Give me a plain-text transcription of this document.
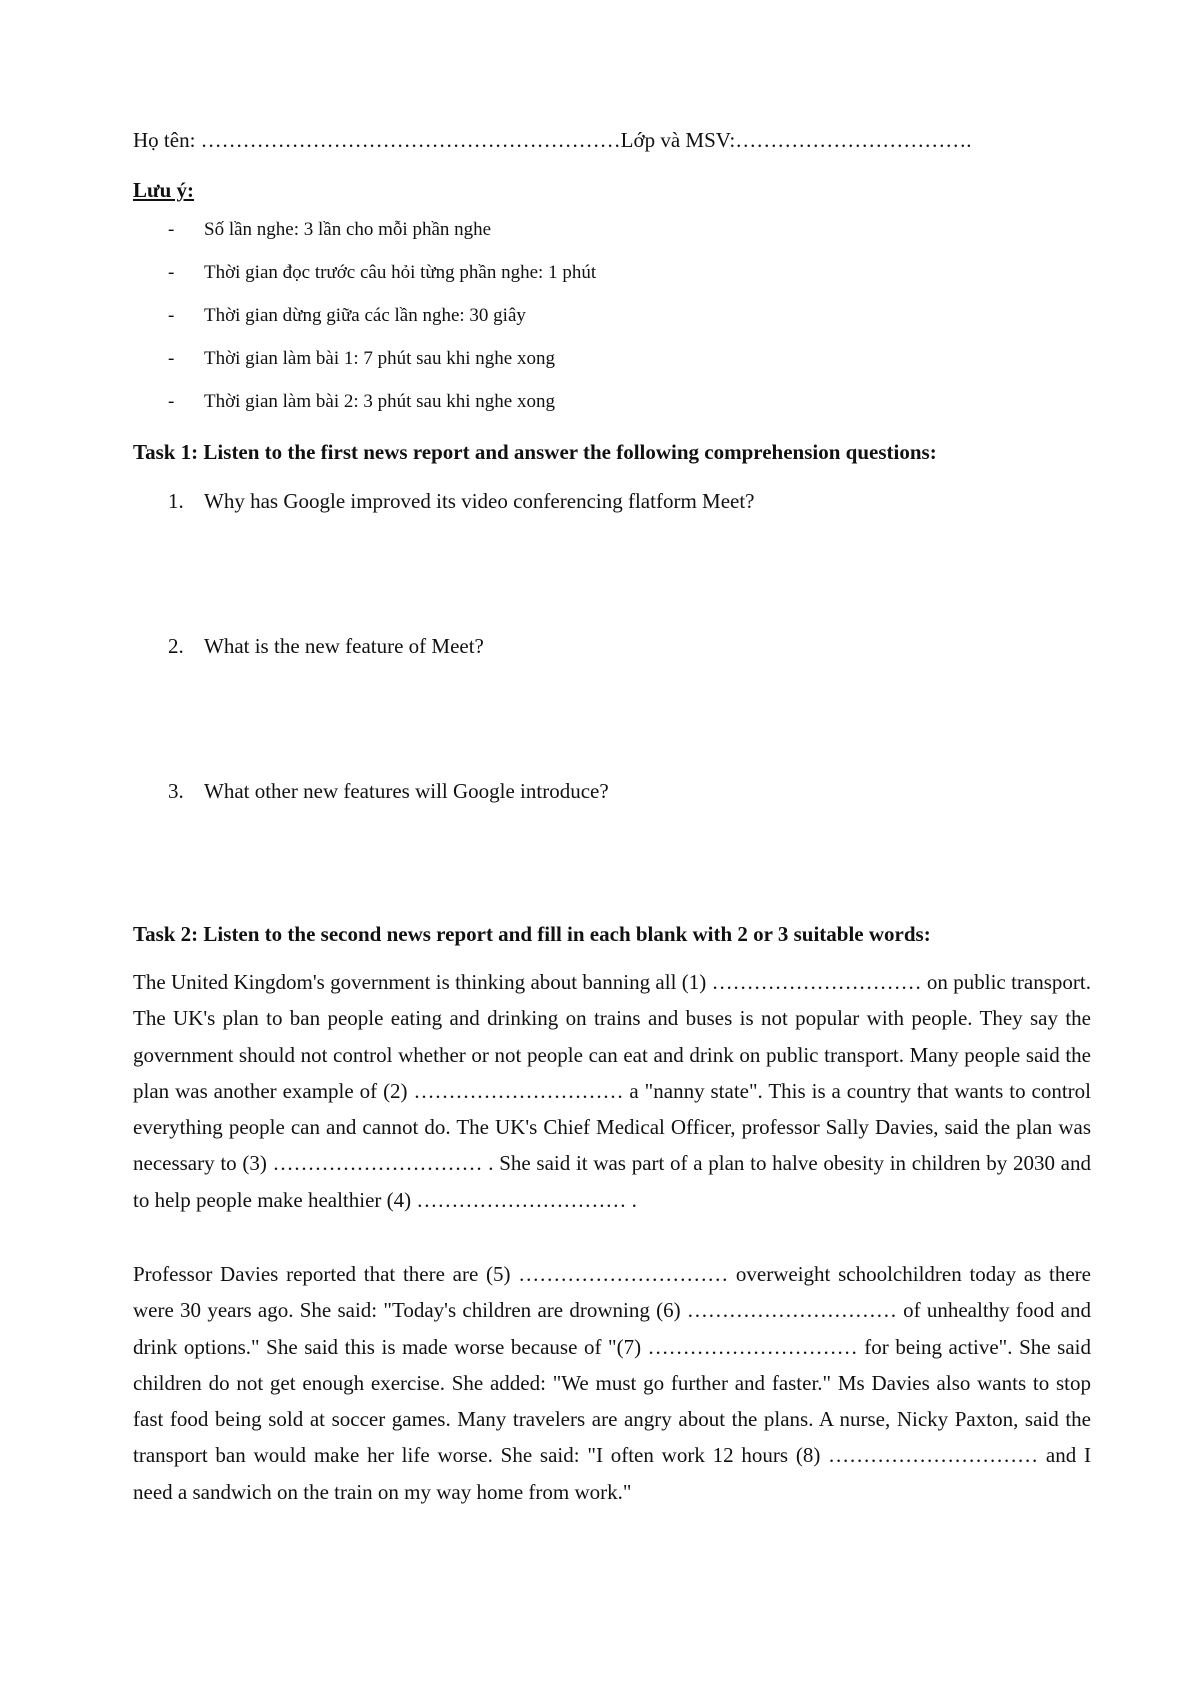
Họ tên: ……………………………………………………Lớp và MSV:…………………………….
Lưu ý:
- Số lần nghe: 3 lần cho mỗi phần nghe
- Thời gian đọc trước câu hỏi từng phần nghe: 1 phút
- Thời gian dừng giữa các lần nghe: 30 giây
- Thời gian làm bài 1: 7 phút sau khi nghe xong
- Thời gian làm bài 2: 3 phút sau khi nghe xong
Task 1: Listen to the first news report and answer the following comprehension questions:
1. Why has Google improved its video conferencing flatform Meet?
2. What is the new feature of Meet?
3. What other new features will Google introduce?
Task 2: Listen to the second news report and fill in each blank with 2 or 3 suitable words:

The United Kingdom's government is thinking about banning all (1) ………………………… on public transport. The UK's plan to ban people eating and drinking on trains and buses is not popular with people. They say the government should not control whether or not people can eat and drink on public transport. Many people said the plan was another example of (2) ………………………… a "nanny state". This is a country that wants to control everything people can and cannot do. The UK's Chief Medical Officer, professor Sally Davies, said the plan was necessary to (3) ………………………… . She said it was part of a plan to halve obesity in children by 2030 and to help people make healthier (4) ………………………… .

Professor Davies reported that there are (5) ………………………… overweight schoolchildren today as there were 30 years ago. She said: "Today's children are drowning (6) ………………………… of unhealthy food and drink options." She said this is made worse because of "(7) ………………………… for being active". She said children do not get enough exercise. She added: "We must go further and faster." Ms Davies also wants to stop fast food being sold at soccer games. Many travelers are angry about the plans. A nurse, Nicky Paxton, said the transport ban would make her life worse. She said: "I often work 12 hours (8) ………………………… and I need a sandwich on the train on my way home from work."
